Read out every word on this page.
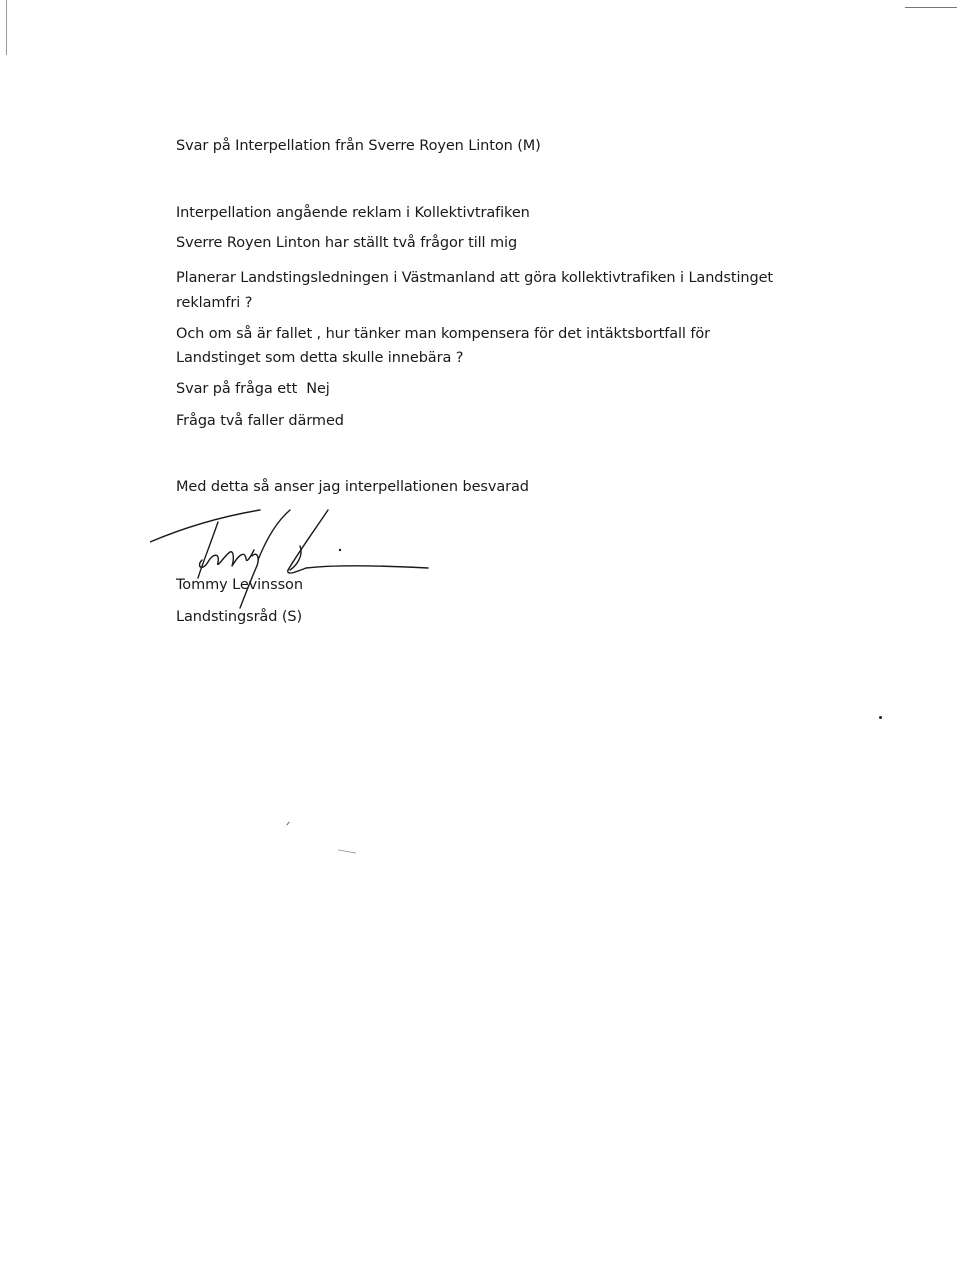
Svar på Interpellation från Sverre Royen Linton (M)
Interpellation angående reklam i Kollektivtrafiken
Sverre Royen Linton har ställt två frågor till mig
Planerar Landstingsledningen i Västmanland att göra kollektivtrafiken i Landstinget
reklamfri ?
Och om så är fallet , hur tänker man kompensera för det intäktsbortfall för
Landstinget som detta skulle innebära ?
Svar på fråga ett  Nej
Fråga två faller därmed
Med detta så anser jag interpellationen besvarad
Tommy Levinsson
Landstingsråd (S)
